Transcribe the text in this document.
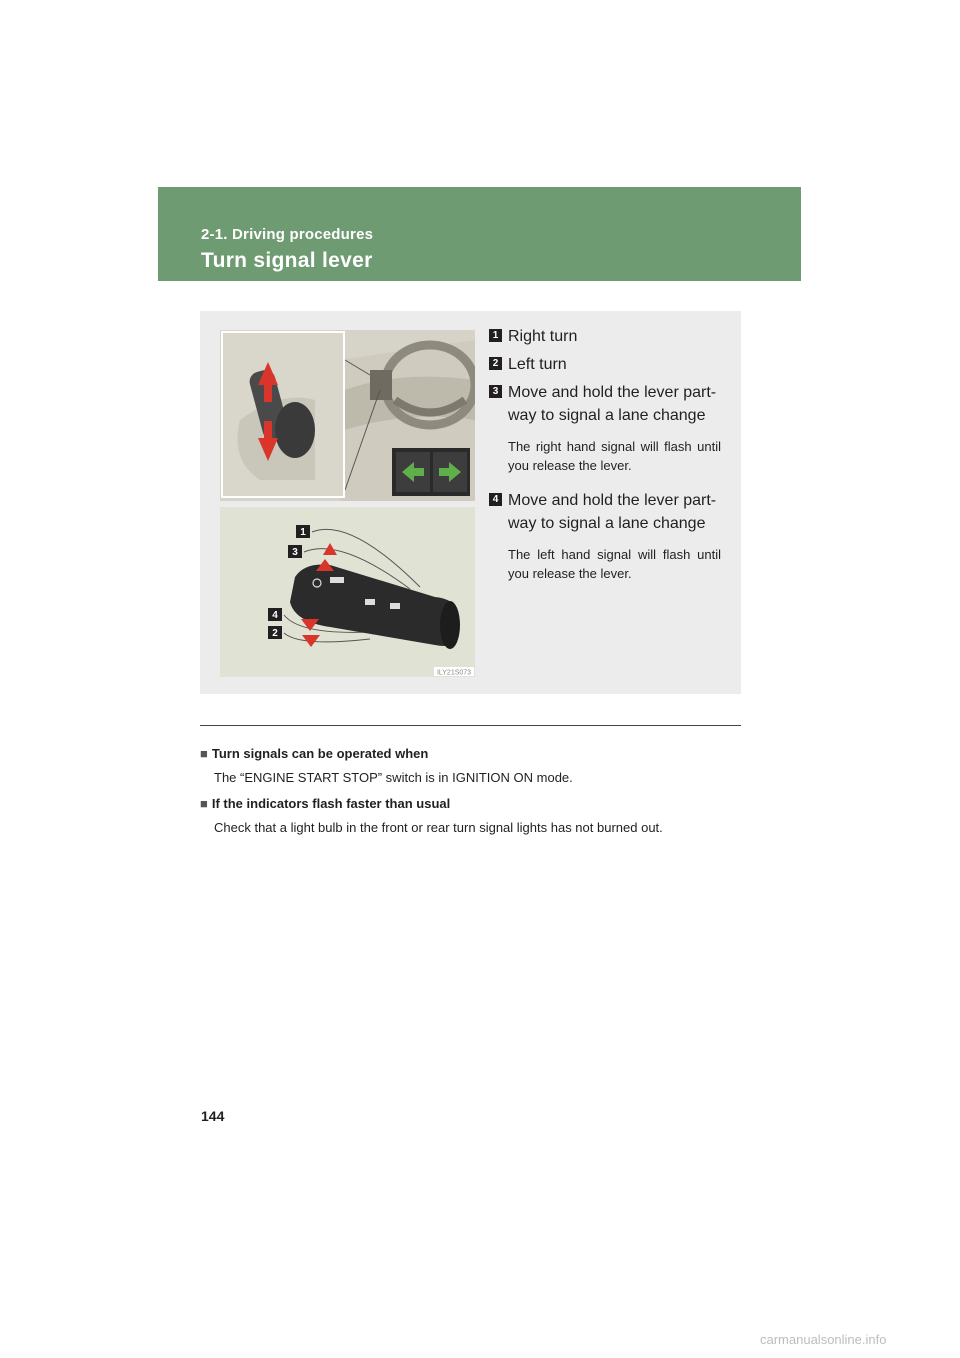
2-1. Driving procedures
Turn signal lever
1
3
4
2
ILY21S073
1 Right turn
2 Left turn
3 Move and hold the lever part-way to signal a lane change
The right hand signal will flash until you release the lever.
4 Move and hold the lever part-way to signal a lane change
The left hand signal will flash until you release the lever.
■ Turn signals can be operated when
The “ENGINE START STOP” switch is in IGNITION ON mode.
■ If the indicators flash faster than usual
Check that a light bulb in the front or rear turn signal lights has not burned out.
144
carmanualsonline.info
